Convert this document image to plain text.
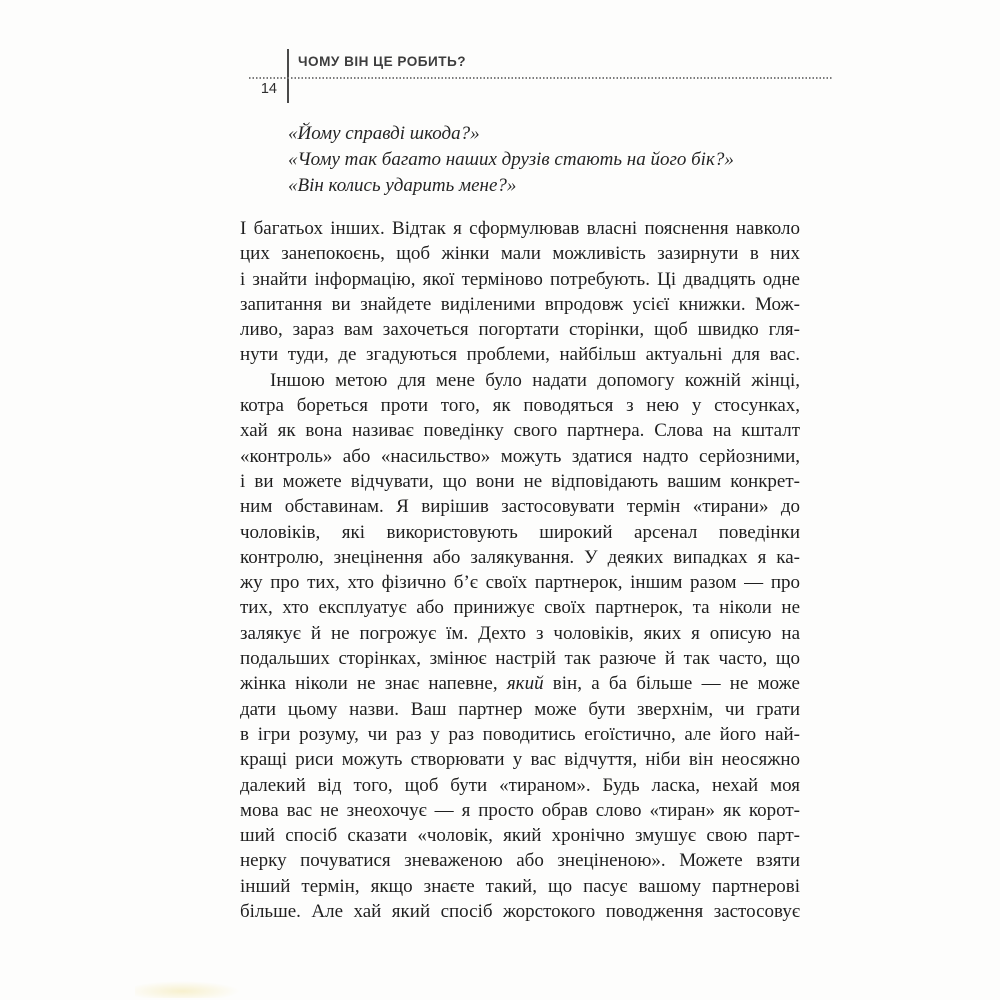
ЧОМУ ВІН ЦЕ РОБИТЬ?
14
«Йому справді шкода?»
«Чому так багато наших друзів стають на його бік?»
«Він колись ударить мене?»
І багатьох інших. Відтак я сформулював власні пояснення навколо
цих занепокоєнь, щоб жінки мали можливість зазирнути в них
і знайти інформацію, якої терміново потребують. Ці двадцять одне
запитання ви знайдете виділеними впродовж усієї книжки. Мож-
ливо, зараз вам захочеться погортати сторінки, щоб швидко гля-
нути туди, де згадуються проблеми, найбільш актуальні для вас.
Іншою метою для мене було надати допомогу кожній жінці,
котра бореться проти того, як поводяться з нею у стосунках,
хай як вона називає поведінку свого партнера. Слова на кшталт
«контроль» або «насильство» можуть здатися надто серйозними,
і ви можете відчувати, що вони не відповідають вашим конкрет-
ним обставинам. Я вирішив застосовувати термін «тирани» до
чоловіків, які використовують широкий арсенал поведінки
контролю, знецінення або залякування. У деяких випадках я ка-
жу про тих, хто фізично б’є своїх партнерок, іншим разом — про
тих, хто експлуатує або принижує своїх партнерок, та ніколи не
залякує й не погрожує їм. Дехто з чоловіків, яких я описую на
подальших сторінках, змінює настрій так разюче й так часто, що
жінка ніколи не знає напевне, який він, а ба більше — не може
дати цьому назви. Ваш партнер може бути зверхнім, чи грати
в ігри розуму, чи раз у раз поводитись егоїстично, але його най-
кращі риси можуть створювати у вас відчуття, ніби він неосяжно
далекий від того, щоб бути «тираном». Будь ласка, нехай моя
мова вас не знеохочує — я просто обрав слово «тиран» як корот-
ший спосіб сказати «чоловік, який хронічно змушує свою парт-
нерку почуватися зневаженою або знеціненою». Можете взяти
інший термін, якщо знаєте такий, що пасує вашому партнерові
більше. Але хай який спосіб жорстокого поводження застосовує
